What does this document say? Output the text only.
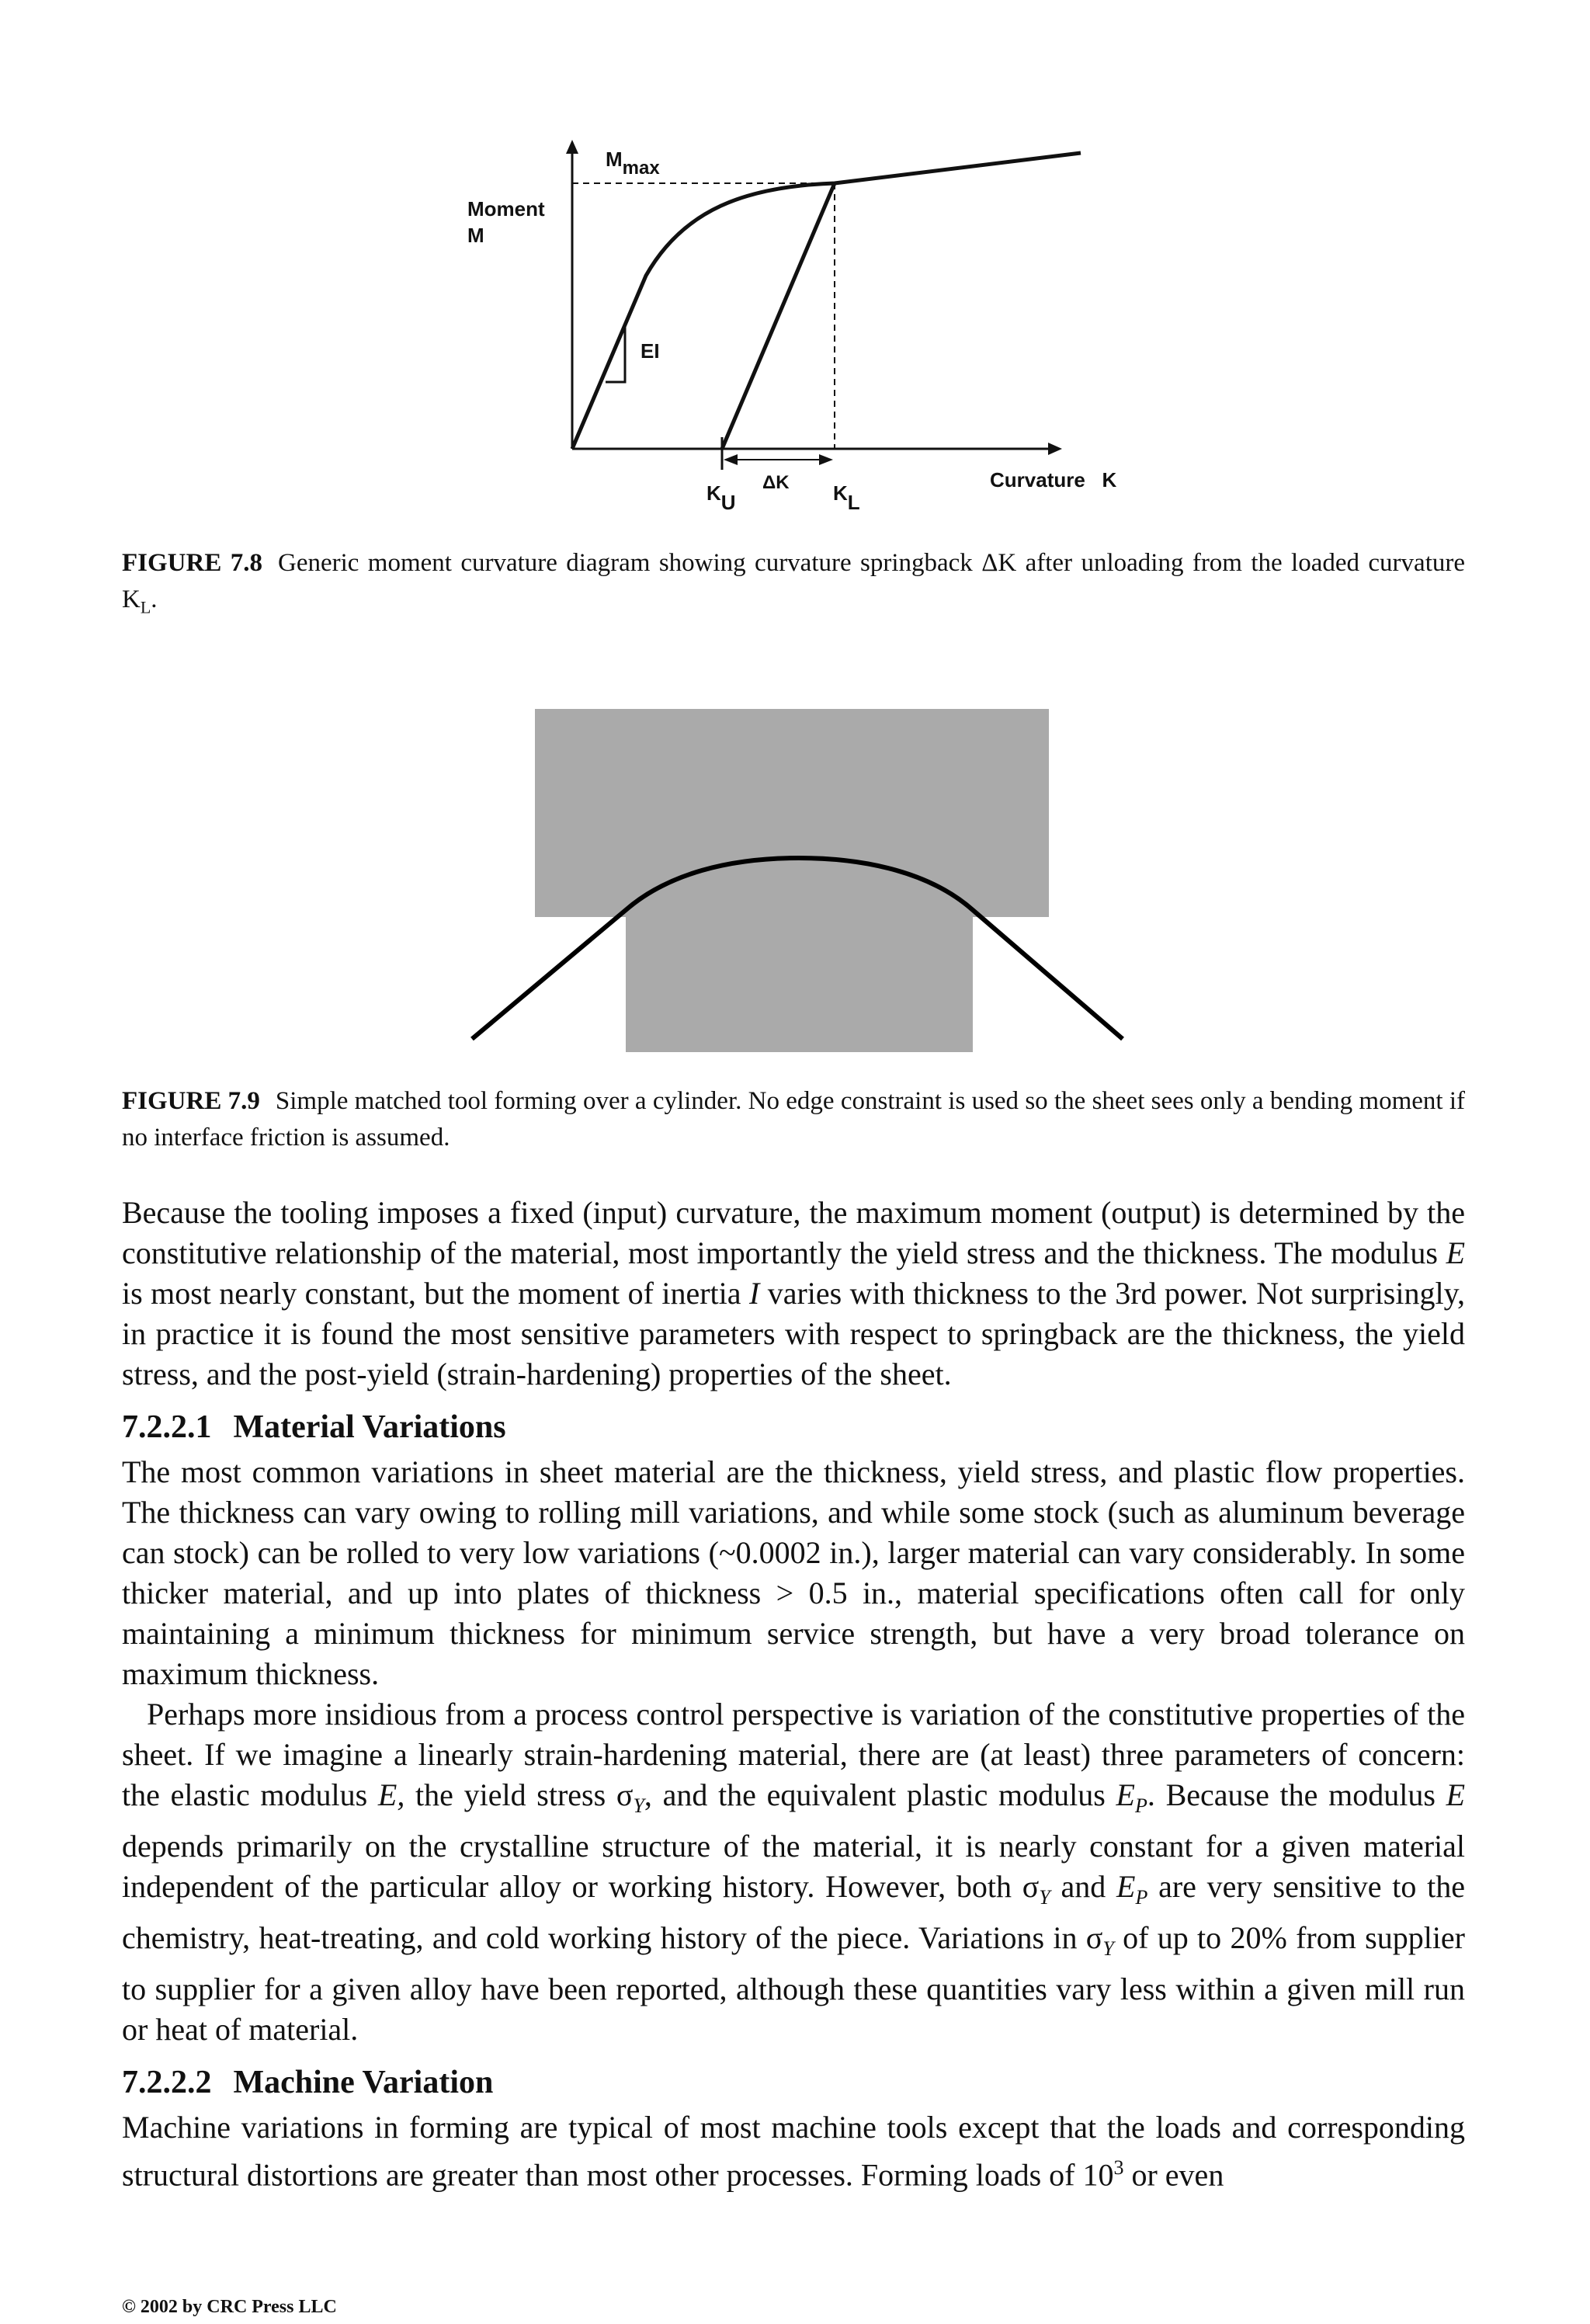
Mmax
Moment
M
EI
KU
ΔK KL
Curvature   K
FIGURE 7.8 Generic moment curvature diagram showing curvature springback ΔK after unloading from the loaded curvature $K_L$.
FIGURE 7.9 Simple matched tool forming over a cylinder. No edge constraint is used so the sheet sees only a bending moment if no interface friction is assumed.

Because the tooling imposes a fixed (input) curvature, the maximum moment (output) is determined by the constitutive relationship of the material, most importantly the yield stress and the thickness. The modulus E is most nearly constant, but the moment of inertia I varies with thickness to the 3rd power. Not surprisingly, in practice it is found the most sensitive parameters with respect to springback are the thickness, the yield stress, and the post-yield (strain-hardening) properties of the sheet.

7.2.2.1 Material Variations

The most common variations in sheet material are the thickness, yield stress, and plastic flow properties. The thickness can vary owing to rolling mill variations, and while some stock (such as aluminum beverage can stock) can be rolled to very low variations (~0.0002 in.), larger material can vary considerably. In some thicker material, and up into plates of thickness > 0.5 in., material specifications often call for only maintaining a minimum thickness for minimum service strength, but have a very broad tolerance on maximum thickness.

Perhaps more insidious from a process control perspective is variation of the constitutive properties of the sheet. If we imagine a linearly strain-hardening material, there are (at least) three parameters of concern: the elastic modulus E, the yield stress $\sigma_Y$, and the equivalent plastic modulus $E_P$. Because the modulus E depends primarily on the crystalline structure of the material, it is nearly constant for a given material independent of the particular alloy or working history. However, both $\sigma_Y$ and $E_P$ are very sensitive to the chemistry, heat-treating, and cold working history of the piece. Variations in $\sigma_Y$ of up to 20% from supplier to supplier for a given alloy have been reported, although these quantities vary less within a given mill run or heat of material.

7.2.2.2 Machine Variation

Machine variations in forming are typical of most machine tools except that the loads and corresponding structural distortions are greater than most other processes. Forming loads of $10^3$ or even

© 2002 by CRC Press LLC
